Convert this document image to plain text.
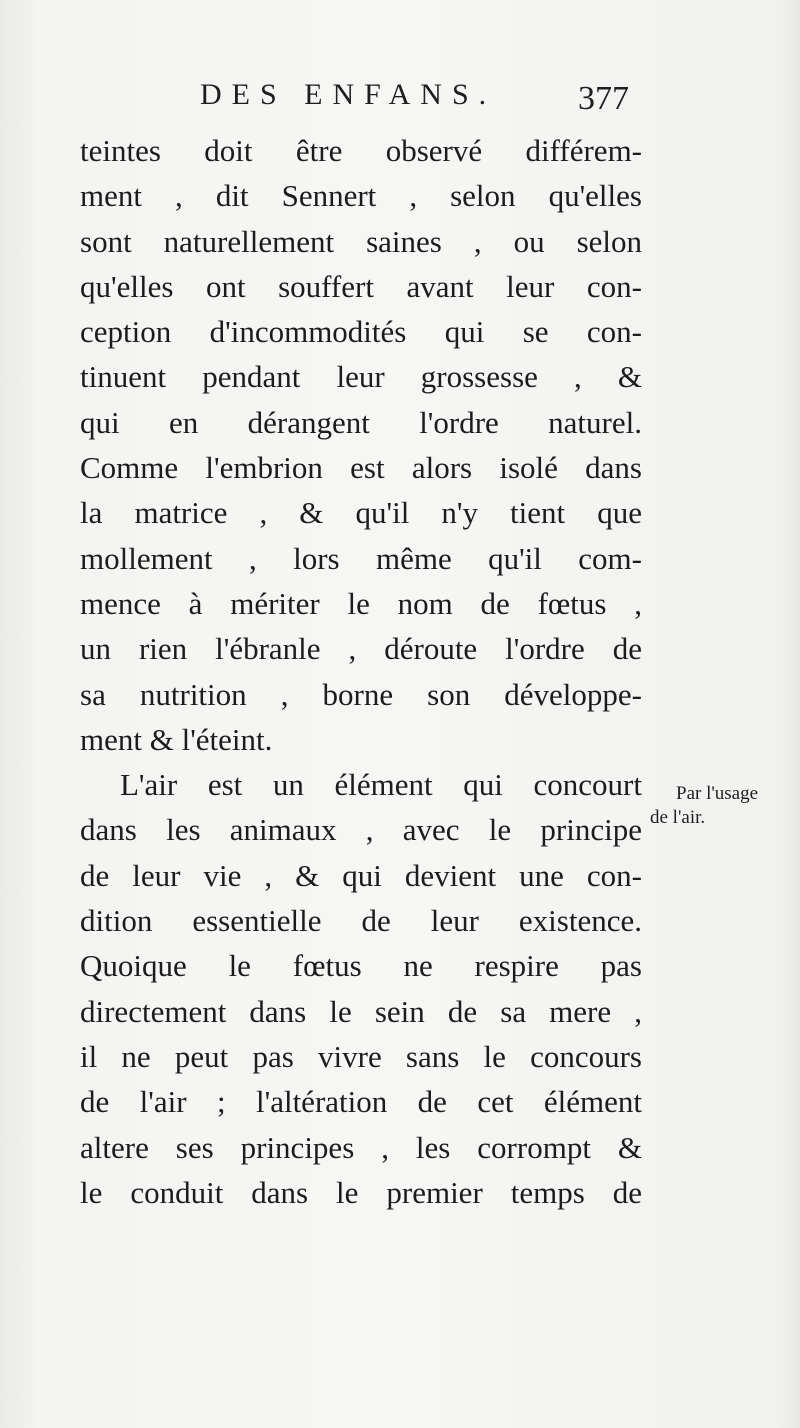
DES ENFANS. 377
teintes doit être observé différem-
ment , dit Sennert , selon qu'elles
sont naturellement saines , ou selon
qu'elles ont souffert avant leur con-
ception d'incommodités qui se con-
tinuent pendant leur grossesse , &
qui en dérangent l'ordre naturel.
Comme l'embrion est alors isolé dans
la matrice , & qu'il n'y tient que
mollement , lors même qu'il com-
mence à mériter le nom de fœtus ,
un rien l'ébranle , déroute l'ordre de
sa nutrition , borne son développe-
ment & l'éteint.
L'air est un élément qui concourt
dans les animaux , avec le principe
de leur vie , & qui devient une con-
dition essentielle de leur existence.
Quoique le fœtus ne respire pas
directement dans le sein de sa mere ,
il ne peut pas vivre sans le concours
de l'air ; l'altération de cet élément
altere ses principes , les corrompt &
le conduit dans le premier temps de
Par l'usage
de l'air.
